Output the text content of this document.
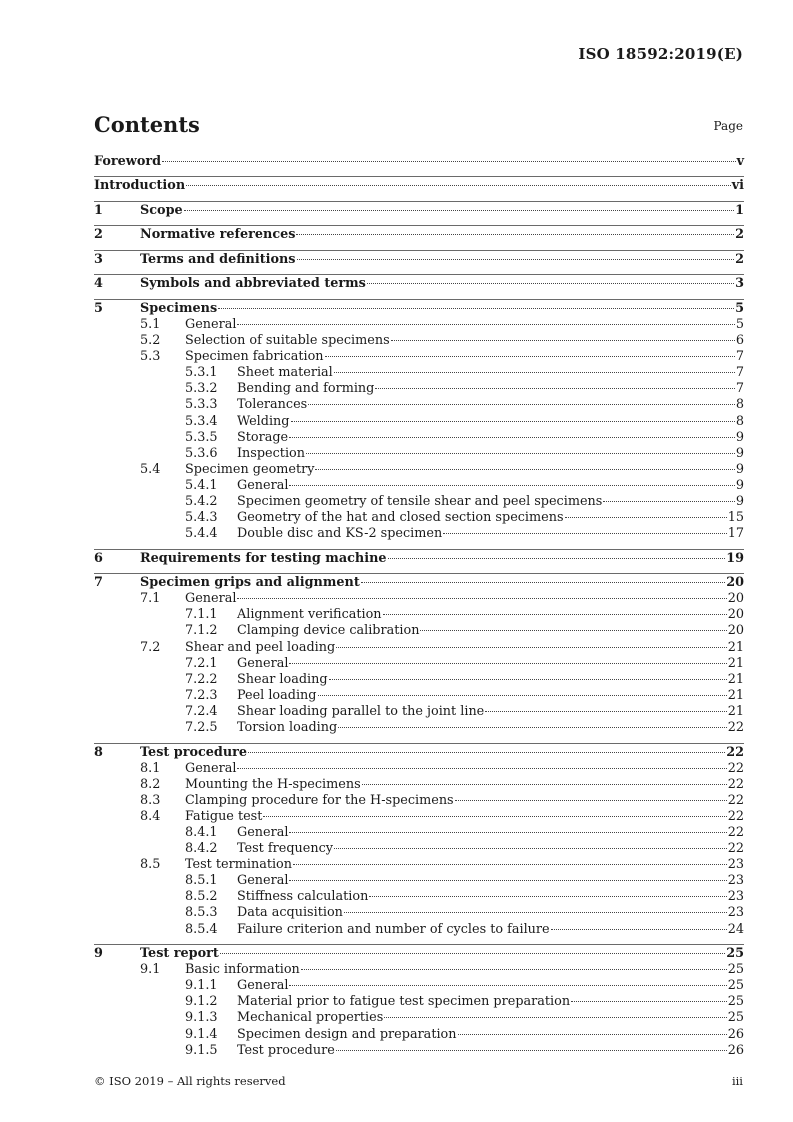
ISO 18592:2019(E)
Contents	Page
Foreword	v
Introduction	vi
1	Scope	1
2	Normative references	2
3	Terms and definitions	2
4	Symbols and abbreviated terms	3
5	Specimens	5
5.1	General	5
5.2	Selection of suitable specimens	6
5.3	Specimen fabrication	7
5.3.1	Sheet material	7
5.3.2	Bending and forming	7
5.3.3	Tolerances	8
5.3.4	Welding	8
5.3.5	Storage	9
5.3.6	Inspection	9
5.4	Specimen geometry	9
5.4.1	General	9
5.4.2	Specimen geometry of tensile shear and peel specimens	9
5.4.3	Geometry of the hat and closed section specimens	15
5.4.4	Double disc and KS-2 specimen	17
6	Requirements for testing machine	19
7	Specimen grips and alignment	20
7.1	General	20
7.1.1	Alignment verification	20
7.1.2	Clamping device calibration	20
7.2	Shear and peel loading	21
7.2.1	General	21
7.2.2	Shear loading	21
7.2.3	Peel loading	21
7.2.4	Shear loading parallel to the joint line	21
7.2.5	Torsion loading	22
8	Test procedure	22
8.1	General	22
8.2	Mounting the H-specimens	22
8.3	Clamping procedure for the H-specimens	22
8.4	Fatigue test	22
8.4.1	General	22
8.4.2	Test frequency	22
8.5	Test termination	23
8.5.1	General	23
8.5.2	Stiffness calculation	23
8.5.3	Data acquisition	23
8.5.4	Failure criterion and number of cycles to failure	24
9	Test report	25
9.1	Basic information	25
9.1.1	General	25
9.1.2	Material prior to fatigue test specimen preparation	25
9.1.3	Mechanical properties	25
9.1.4	Specimen design and preparation	26
9.1.5	Test procedure	26
© ISO 2019 – All rights reserved	iii
